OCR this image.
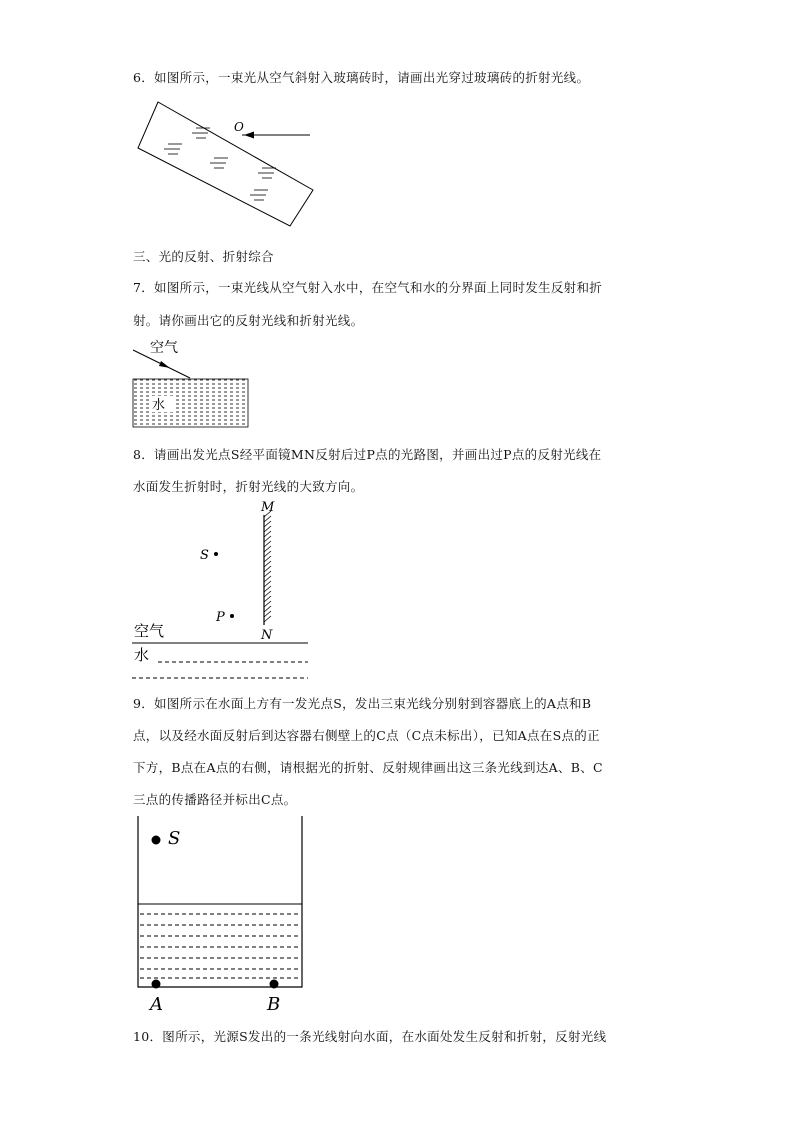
6．如图所示，一束光从空气斜射入玻璃砖时，请画出光穿过玻璃砖的折射光线。
O
三、光的反射、折射综合
7．如图所示，一束光线从空气射入水中，在空气和水的分界面上同时发生反射和折
射。请你画出它的反射光线和折射光线。
空气
水
8．请画出发光点S经平面镜MN反射后过P点的光路图，并画出过P点的反射光线在
水面发生折射时，折射光线的大致方向。
M
N
S
P
空气
水
9．如图所示在水面上方有一发光点S，发出三束光线分别射到容器底上的A点和B
点，以及经水面反射后到达容器右侧壁上的C点（C点未标出），已知A点在S点的正
下方，B点在A点的右侧，请根据光的折射、反射规律画出这三条光线到达A、B、C
三点的传播路径并标出C点。
S
A	B
10．图所示，光源S发出的一条光线射向水面，在水面处发生反射和折射，反射光线
